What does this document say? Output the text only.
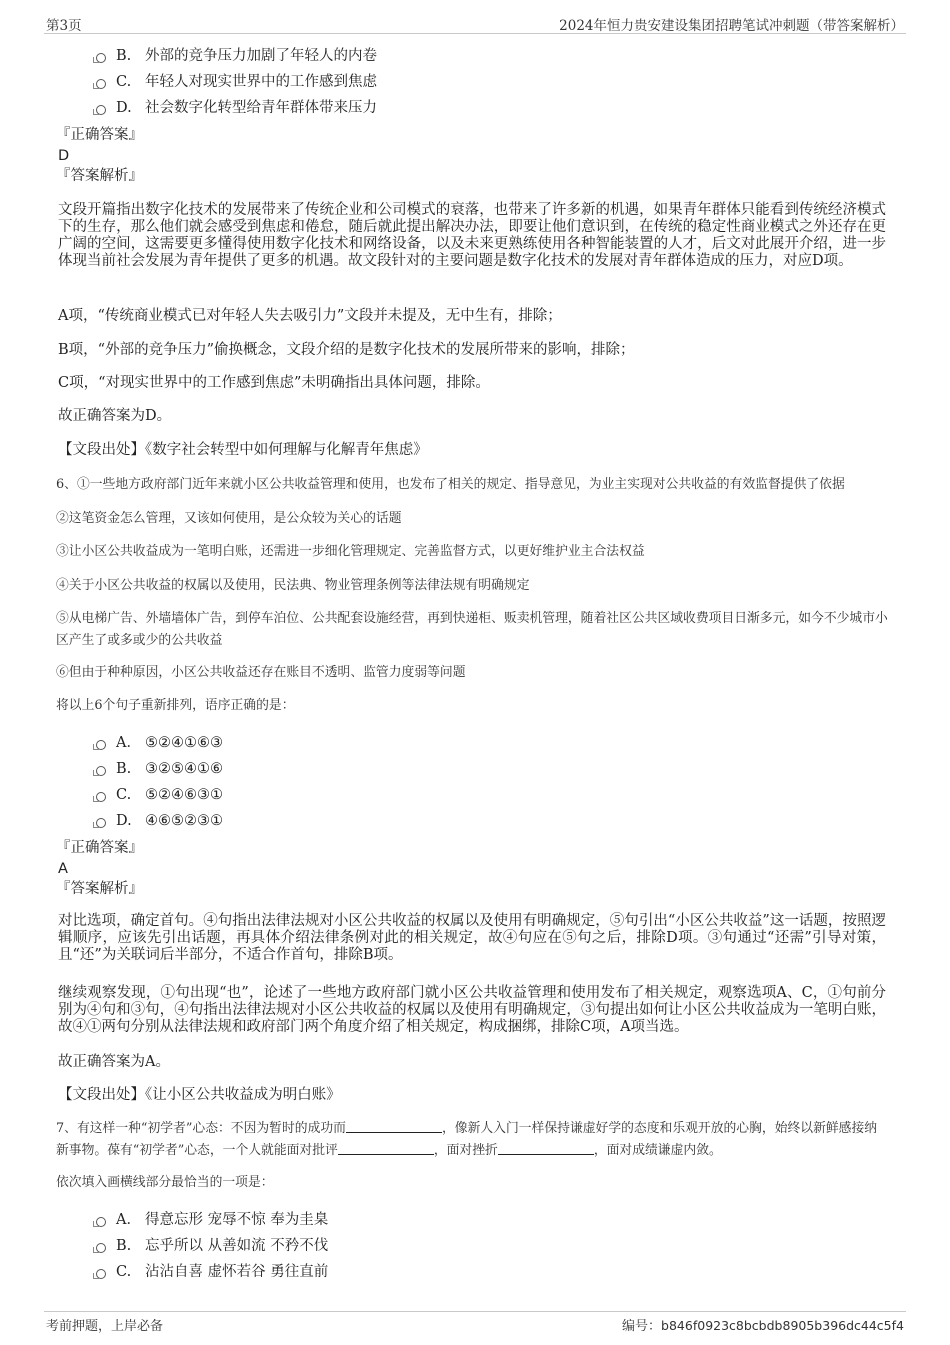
第3页	2024年恒力贵安建设集团招聘笔试冲刺题（带答案解析）
B. 外部的竞争压力加剧了年轻人的内卷
C. 年轻人对现实世界中的工作感到焦虑
D. 社会数字化转型给青年群体带来压力
『正确答案』
D
『答案解析』
文段开篇指出数字化技术的发展带来了传统企业和公司模式的衰落，也带来了许多新的机遇，如果青年群体只能看到传统经济模式下的生存，那么他们就会感受到焦虑和倦怠，随后就此提出解决办法，即要让他们意识到，在传统的稳定性商业模式之外还存在更广阔的空间，这需要更多懂得使用数字化技术和网络设备，以及未来更熟练使用各种智能装置的人才，后文对此展开介绍，进一步体现当前社会发展为青年提供了更多的机遇。故文段针对的主要问题是数字化技术的发展对青年群体造成的压力，对应D项。
A项，“传统商业模式已对年轻人失去吸引力”文段并未提及，无中生有，排除；
B项，“外部的竞争压力”偷换概念，文段介绍的是数字化技术的发展所带来的影响，排除；
C项，“对现实世界中的工作感到焦虑”未明确指出具体问题，排除。
故正确答案为D。
【文段出处】《数字社会转型中如何理解与化解青年焦虑》
6、①一些地方政府部门近年来就小区公共收益管理和使用，也发布了相关的规定、指导意见，为业主实现对公共收益的有效监督提供了依据
②这笔资金怎么管理，又该如何使用，是公众较为关心的话题
③让小区公共收益成为一笔明白账，还需进一步细化管理规定、完善监督方式，以更好维护业主合法权益
④关于小区公共收益的权属以及使用，民法典、物业管理条例等法律法规有明确规定
⑤从电梯广告、外墙墙体广告，到停车泊位、公共配套设施经营，再到快递柜、贩卖机管理，随着社区公共区域收费项目日渐多元，如今不少城市小区产生了或多或少的公共收益
⑥但由于种种原因，小区公共收益还存在账目不透明、监管力度弱等问题
将以上6个句子重新排列，语序正确的是：
A． ⑤②④①⑥③
B. ③②⑤④①⑥
C. ⑤②④⑥③①
D. ④⑥⑤②③①
『正确答案』
A
『答案解析』
对比选项，确定首句。④句指出法律法规对小区公共收益的权属以及使用有明确规定，⑤句引出“小区公共收益”这一话题，按照逻辑顺序，应该先引出话题，再具体介绍法律条例对此的相关规定，故④句应在⑤句之后，排除D项。③句通过“还需”引导对策，且“还”为关联词后半部分，不适合作首句，排除B项。
继续观察发现，①句出现“也”，论述了一些地方政府部门就小区公共收益管理和使用发布了相关规定，观察选项A、C，①句前分别为④句和③句，④句指出法律法规对小区公共收益的权属以及使用有明确规定，③句提出如何让小区公共收益成为一笔明白账，故④①两句分别从法律法规和政府部门两个角度介绍了相关规定，构成捆绑，排除C项，A项当选。
故正确答案为A。
【文段出处】《让小区公共收益成为明白账》
7、有这样一种“初学者”心态：不因为暂时的成功而	，像新人入门一样保持谦虚好学的态度和乐观开放的心胸，始终以新鲜感接纳新事物。葆有“初学者”心态，一个人就能面对批评	，面对挫折	，面对成绩谦虚内敛。
依次填入画横线部分最恰当的一项是：
A． 得意忘形 宠辱不惊 奉为圭臬
B. 忘乎所以 从善如流 不矜不伐
C. 沾沾自喜 虚怀若谷 勇往直前
考前押题，上岸必备	编号：b846f0923c8bcbdb8905b396dc44c5f4
